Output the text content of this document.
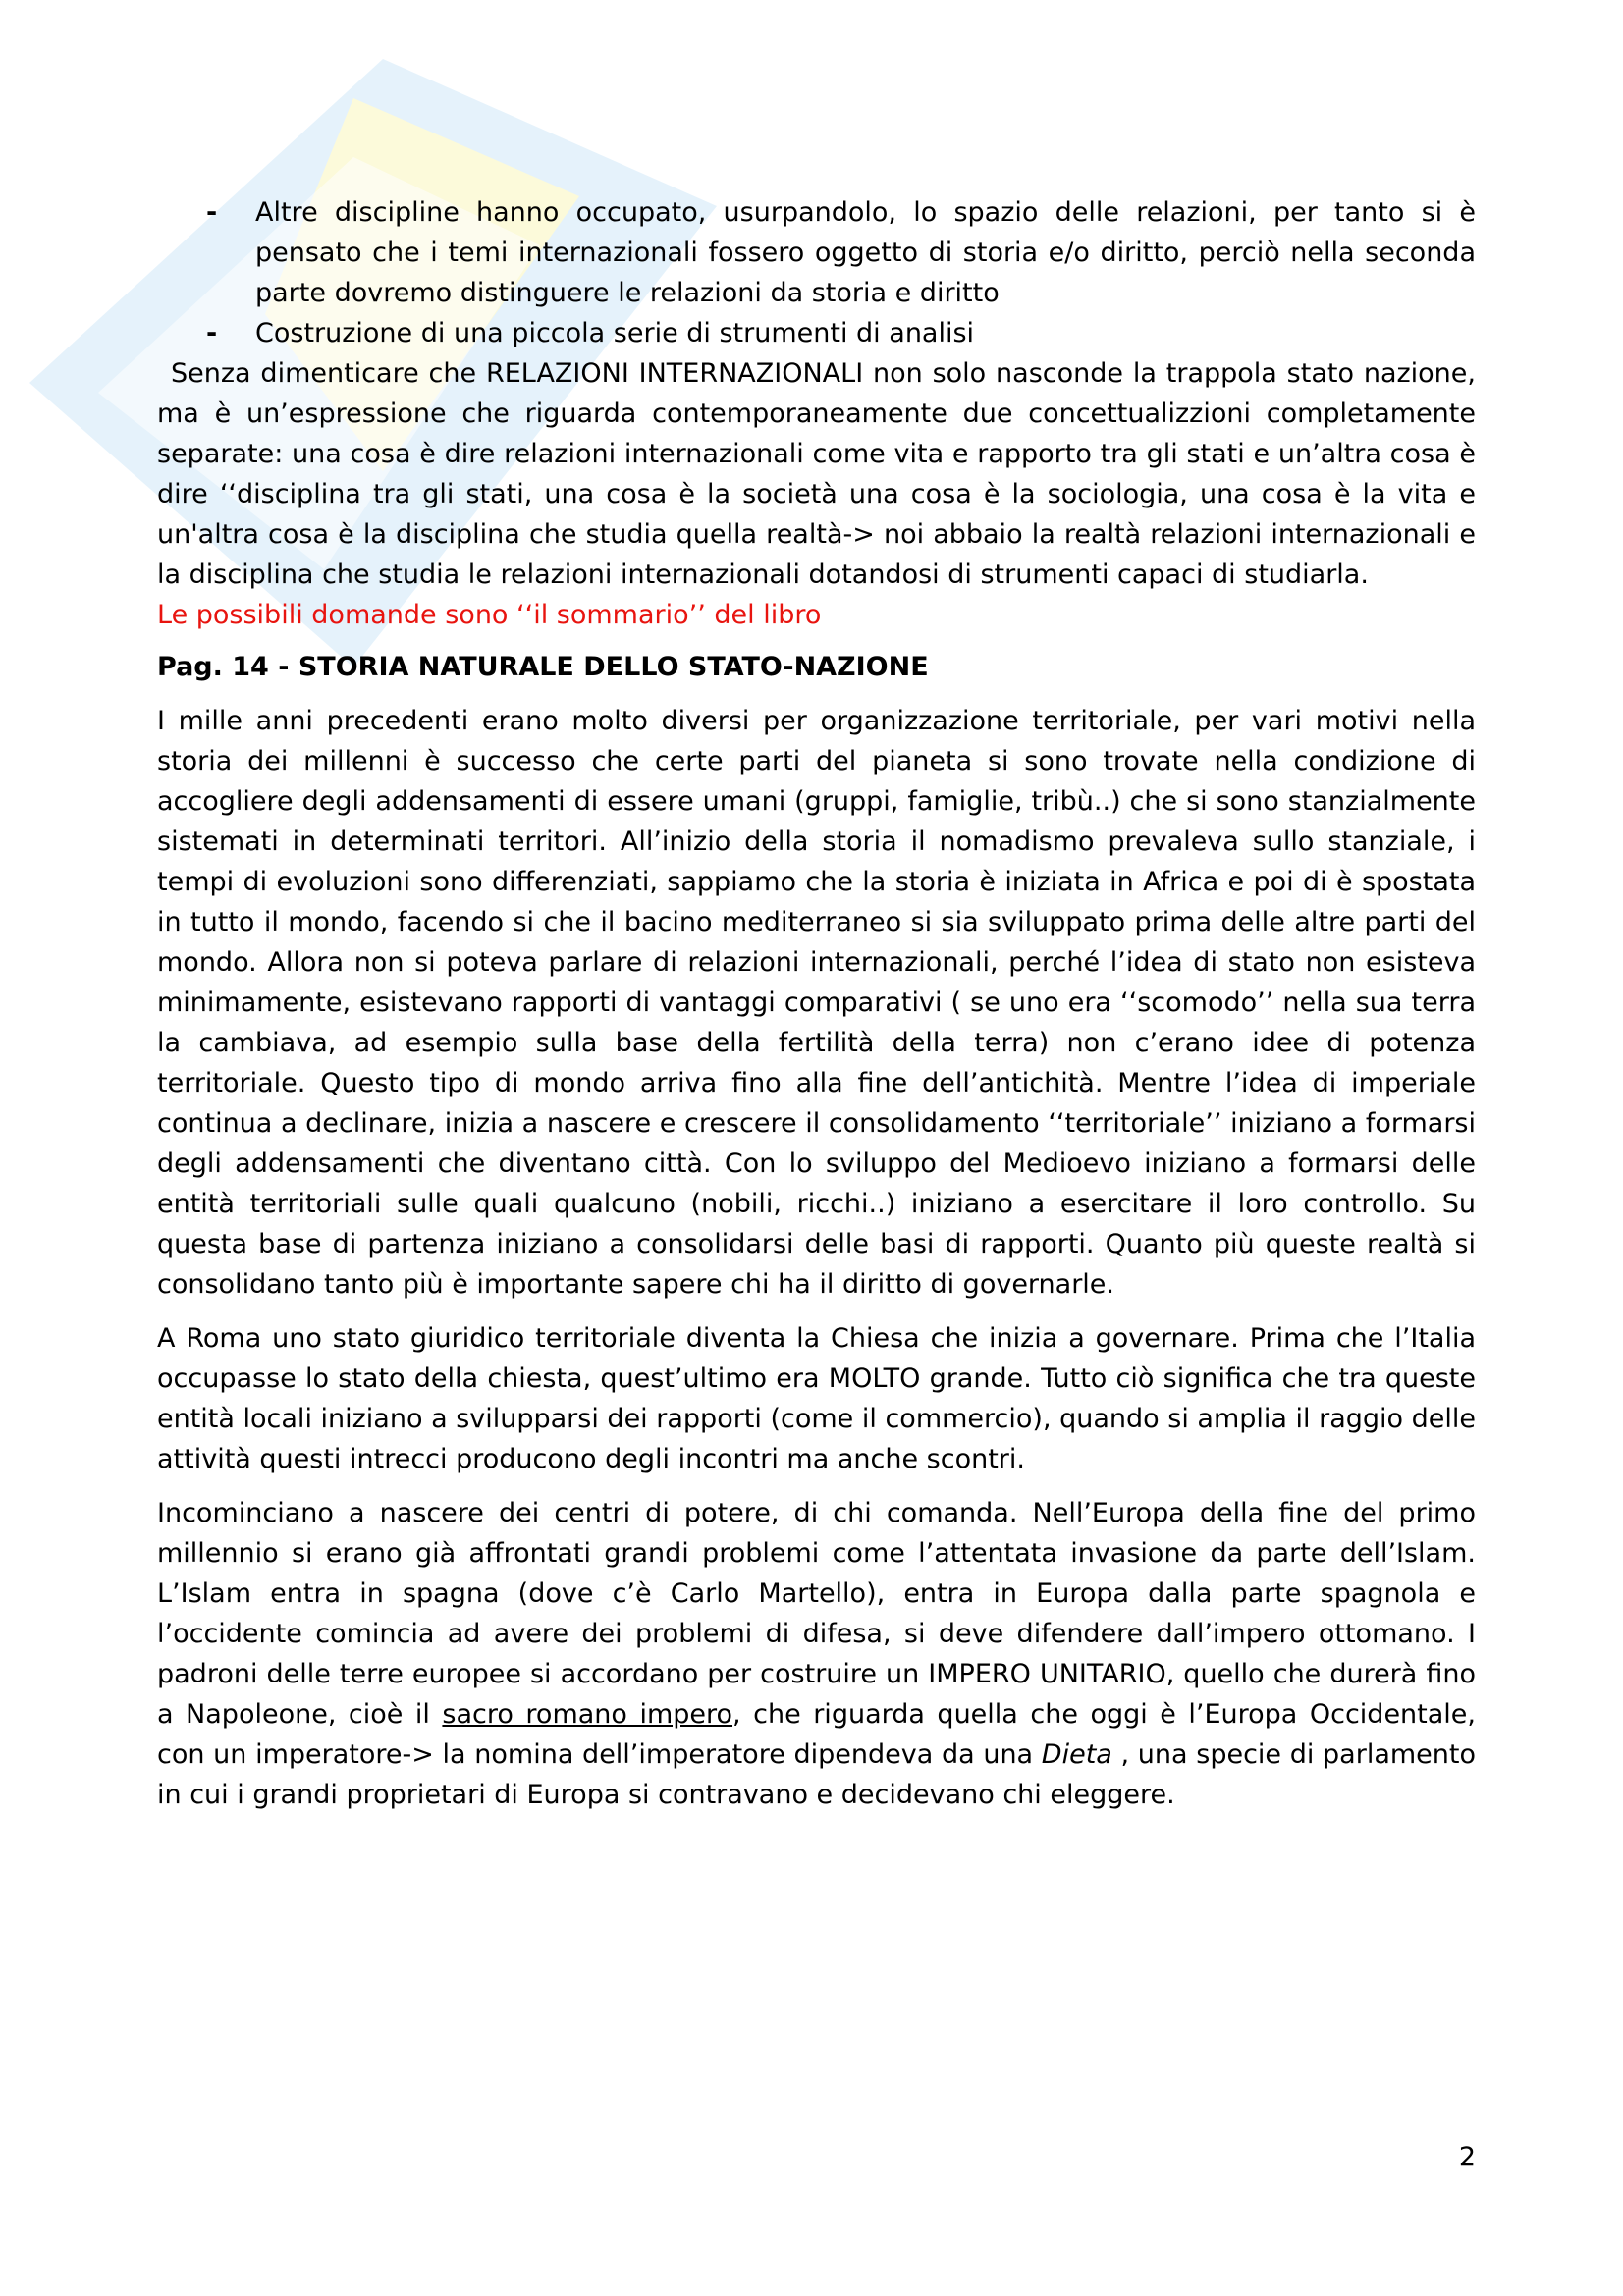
- Altre discipline hanno occupato, usurpandolo, lo spazio delle relazioni, per tanto si è pensato che i temi internazionali fossero oggetto di storia e/o diritto, perciò nella seconda parte dovremo distinguere le relazioni da storia e diritto
- Costruzione di una piccola serie di strumenti di analisi

Senza dimenticare che RELAZIONI INTERNAZIONALI non solo nasconde la trappola stato nazione, ma è un’espressione che riguarda contemporaneamente due concettualizzioni completamente separate: una cosa è dire relazioni internazionali come vita e rapporto tra gli stati e un’altra cosa è dire ‘‘disciplina tra gli stati, una cosa è la società una cosa è la sociologia, una cosa è la vita e un'altra cosa è la disciplina che studia quella realtà-> noi abbaio la realtà relazioni internazionali e la disciplina che studia le relazioni internazionali dotandosi di strumenti capaci di studiarla.

Le possibili domande sono ‘‘il sommario’’ del libro

Pag. 14 - STORIA NATURALE DELLO STATO-NAZIONE

I mille anni precedenti erano molto diversi per organizzazione territoriale, per vari motivi nella storia dei millenni è successo che certe parti del pianeta si sono trovate nella condizione di accogliere degli addensamenti di essere umani (gruppi, famiglie, tribù..) che si sono stanzialmente sistemati in determinati territori. All’inizio della storia il nomadismo prevaleva sullo stanziale, i tempi di evoluzioni sono differenziati, sappiamo che la storia è iniziata in Africa e poi di è spostata in tutto il mondo, facendo si che il bacino mediterraneo si sia sviluppato prima delle altre parti del mondo. Allora non si poteva parlare di relazioni internazionali, perché l’idea di stato non esisteva minimamente, esistevano rapporti di vantaggi comparativi ( se uno era ‘‘scomodo’’ nella sua terra la cambiava, ad esempio sulla base della fertilità della terra) non c’erano idee di potenza territoriale. Questo tipo di mondo arriva fino alla fine dell’antichità. Mentre l’idea di imperiale continua a declinare, inizia a nascere e crescere il consolidamento ‘‘territoriale’’ iniziano a formarsi degli addensamenti che diventano città. Con lo sviluppo del Medioevo iniziano a formarsi delle entità territoriali sulle quali qualcuno (nobili, ricchi..) iniziano a esercitare il loro controllo. Su questa base di partenza iniziano a consolidarsi delle basi di rapporti. Quanto più queste realtà si consolidano tanto più è importante sapere chi ha il diritto di governarle.

A Roma uno stato giuridico territoriale diventa la Chiesa che inizia a governare. Prima che l’Italia occupasse lo stato della chiesta, quest’ultimo era MOLTO grande. Tutto ciò significa che tra queste entità locali iniziano a svilupparsi dei rapporti (come il commercio), quando si amplia il raggio delle attività questi intrecci producono degli incontri ma anche scontri.

Incominciano a nascere dei centri di potere, di chi comanda. Nell’Europa della fine del primo millennio si erano già affrontati grandi problemi come l’attentata invasione da parte dell’Islam. L’Islam entra in spagna (dove c’è Carlo Martello), entra in Europa dalla parte spagnola e l’occidente comincia ad avere dei problemi di difesa, si deve difendere dall’impero ottomano. I padroni delle terre europee si accordano per costruire un IMPERO UNITARIO, quello che durerà fino a Napoleone, cioè il sacro romano impero, che riguarda quella che oggi è l’Europa Occidentale, con un imperatore-> la nomina dell’imperatore dipendeva da una Dieta , una specie di parlamento in cui i grandi proprietari di Europa si contravano e decidevano chi eleggere.

2
